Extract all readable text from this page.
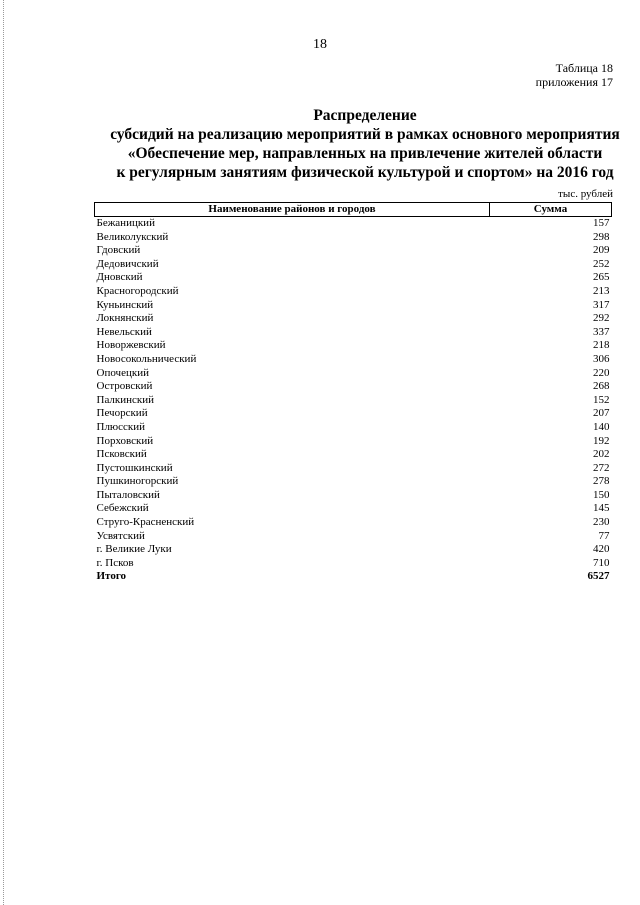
18
Таблица 18
приложения 17
Распределение
субсидий на реализацию мероприятий в рамках основного мероприятия
«Обеспечение мер, направленных на привлечение жителей области
к регулярным занятиям физической культурой и спортом» на 2016 год
тыс. рублей
Наименование районов и городов	Сумма
Бежаницкий	157
Великолукский	298
Гдовский	209
Дедовичский	252
Дновский	265
Красногородский	213
Куньинский	317
Локнянский	292
Невельский	337
Новоржевский	218
Новосокольнический	306
Опочецкий	220
Островский	268
Палкинский	152
Печорский	207
Плюсский	140
Порховский	192
Псковский	202
Пустошкинский	272
Пушкиногорский	278
Пыталовский	150
Себежский	145
Струго-Красненский	230
Усвятский	77
г. Великие Луки	420
г. Псков	710
Итого	6527
